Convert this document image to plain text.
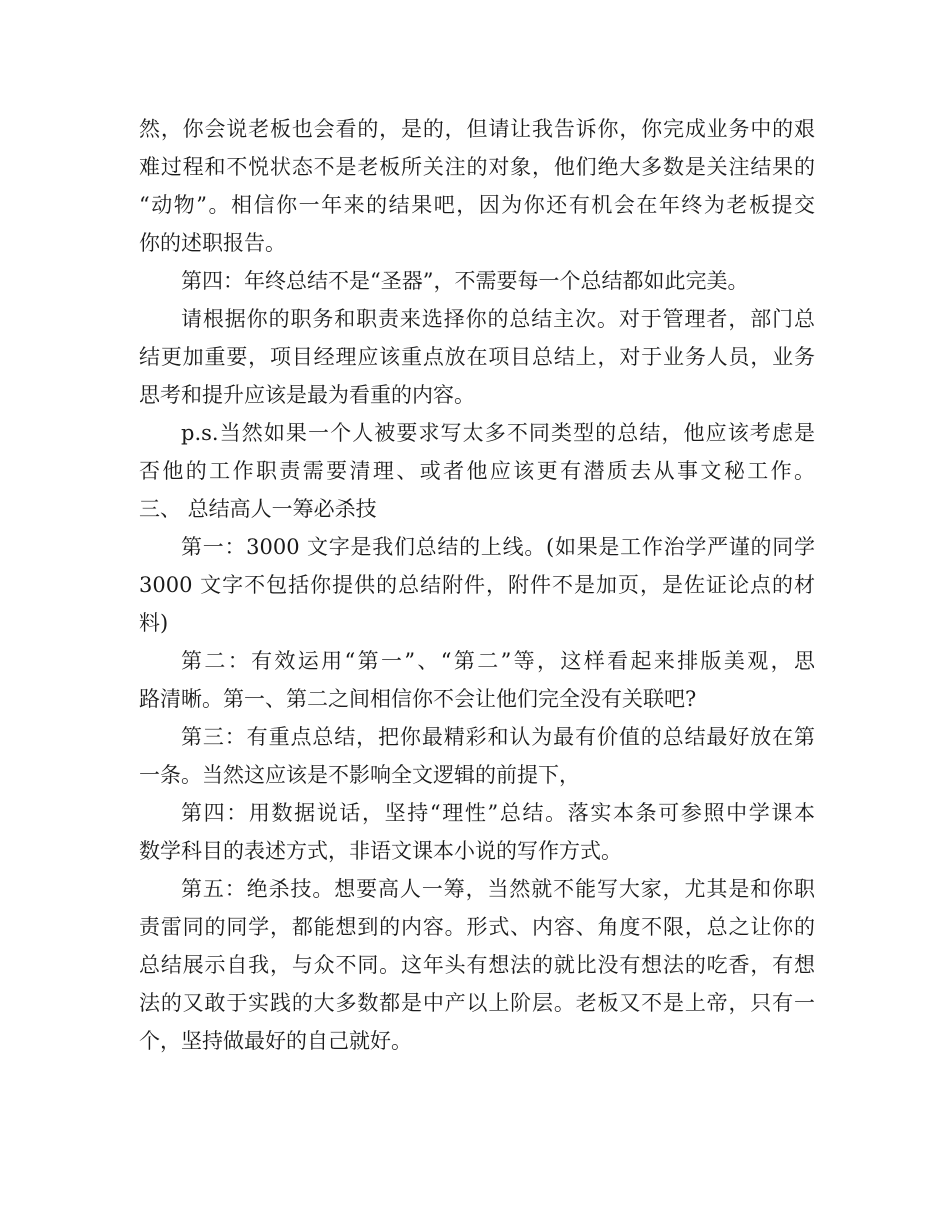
然，你会说老板也会看的，是的，但请让我告诉你，你完成业务中的艰
难过程和不悦状态不是老板所关注的对象，他们绝大多数是关注结果的
“动物”。相信你一年来的结果吧，因为你还有机会在年终为老板提交
你的述职报告。
第四：年终总结不是“圣器”，不需要每一个总结都如此完美。
请根据你的职务和职责来选择你的总结主次。对于管理者，部门总
结更加重要，项目经理应该重点放在项目总结上，对于业务人员，业务
思考和提升应该是最为看重的内容。
p.s.当然如果一个人被要求写太多不同类型的总结，他应该考虑是
否他的工作职责需要清理、或者他应该更有潜质去从事文秘工作。
三、 总结高人一筹必杀技
第一：3000 文字是我们总结的上线。(如果是工作治学严谨的同学
3000 文字不包括你提供的总结附件，附件不是加页，是佐证论点的材
料)
第二：有效运用“第一”、“第二”等，这样看起来排版美观，思
路清晰。第一、第二之间相信你不会让他们完全没有关联吧?
第三：有重点总结，把你最精彩和认为最有价值的总结最好放在第
一条。当然这应该是不影响全文逻辑的前提下，
第四：用数据说话，坚持“理性”总结。落实本条可参照中学课本
数学科目的表述方式，非语文课本小说的写作方式。
第五：绝杀技。想要高人一筹，当然就不能写大家，尤其是和你职
责雷同的同学，都能想到的内容。形式、内容、角度不限，总之让你的
总结展示自我，与众不同。这年头有想法的就比没有想法的吃香，有想
法的又敢于实践的大多数都是中产以上阶层。老板又不是上帝，只有一
个，坚持做最好的自己就好。
